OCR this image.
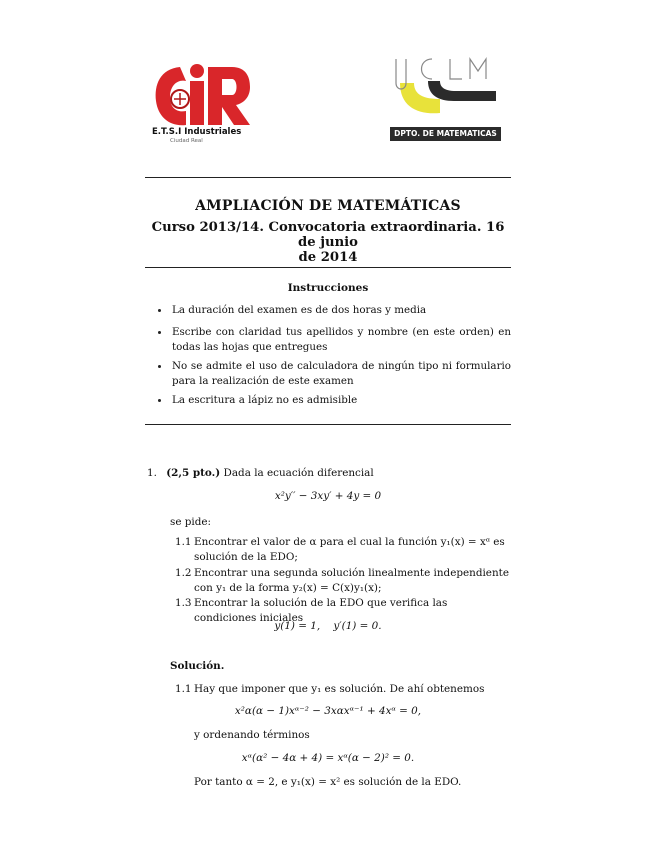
E.T.S.I Industriales
Ciudad Real
DPTO. DE MATEMATICAS
AMPLIACIÓN DE MATEMÁTICAS
Curso 2013/14. Convocatoria extraordinaria. 16 de junio
de 2014
Instrucciones
La duración del examen es de dos horas y media
Escribe con claridad tus apellidos y nombre (en este orden) en todas las hojas que entregues
No se admite el uso de calculadora de ningún tipo ni formulario para la realización de este examen
La escritura a lápiz no es admisible
1. (2,5 pto.) Dada la ecuación diferencial
x²y′′ − 3xy′ + 4y = 0
se pide:
1.1 Encontrar el valor de α para el cual la función y₁(x) = xᵅ es solución de la EDO;
1.2 Encontrar una segunda solución linealmente independiente con y₁ de la forma y₂(x) = C(x)y₁(x);
1.3 Encontrar la solución de la EDO que verifica las condiciones iniciales
y(1) = 1,    y′(1) = 0.
Solución.
1.1 Hay que imponer que y₁ es solución. De ahí obtenemos
x²α(α − 1)xᵅ⁻² − 3xαxᵅ⁻¹ + 4xᵅ = 0,
y ordenando términos
xᵅ(α² − 4α + 4) = xᵅ(α − 2)² = 0.
Por tanto α = 2, e y₁(x) = x² es solución de la EDO.
